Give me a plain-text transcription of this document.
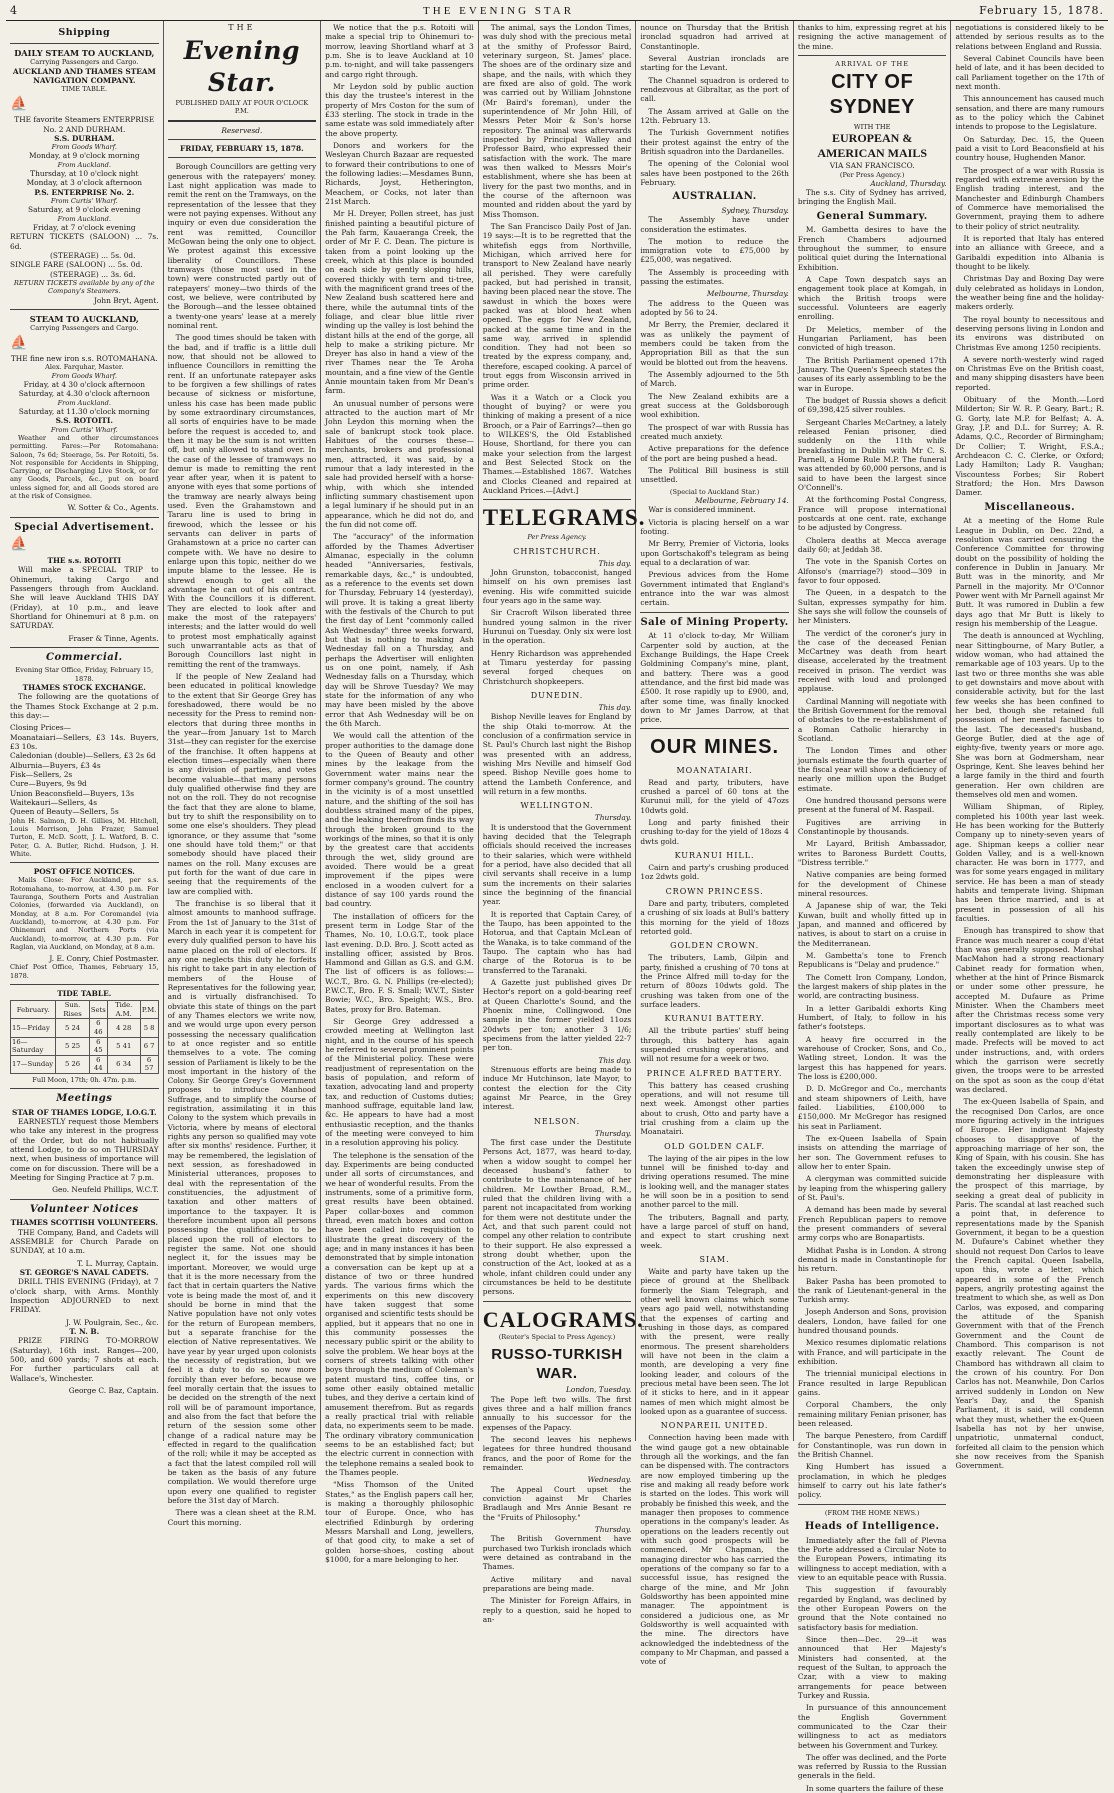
4	THE EVENING STAR	February 15, 1878.
Shipping
DAILY STEAM TO AUCKLAND,
Carrying Passengers and Cargo.
AUCKLAND AND THAMES STEAM NAVIGATION COMPANY.
TIME TABLE.
⛵
THE favorite Steamers ENTERPRISE No. 2 AND DURHAM.
S.S. DURHAM.
From Goods Wharf.
Monday, at 9 o'clock morning
From Auckland.
Thursday, at 10 o'clock night
Monday, at 3 o'clock afternoon
P.S. ENTERPRISE No. 2.
From Curtis' Wharf.
Saturday, at 9 o'clock evening
From Auckland.
Friday, at 7 o'clock evening
RETURN TICKETS (SALOON) ... 7s. 6d.
(STEERAGE) ... 5s. 0d.
SINGLE FARE (SALOON) ... 5s. 0d.
(STEERAGE) ... 3s. 6d.
RETURN TICKETS available by any of the Company's Steamers.
John Bryt, Agent.
STEAM TO AUCKLAND,
Carrying Passengers and Cargo.
⛵
THE fine new iron s.s. ROTOMAHANA.
Alex. Farquhar, Master.
From Goods Wharf.
Friday, at 4 30 o'clock afternoon
Saturday, at 4.30 o'clock afternoon
From Auckland.
Saturday, at 11.30 o'clock morning
S.S. ROTOITI.
From Curtis' Wharf.

Weather and other circumstances permitting. Fares:—Per Rotomahana: Saloon, 7s 6d; Steerage, 5s. Per Rotoiti, 5s. Not responsible for Accidents in Shipping, Carrying, or Discharging Live Stock, or for any Goods, Parcels, &c., put on board unless signed for, and all Goods stored are at the risk of Consignee.

W. Sotter & Co., Agents.
Special Advertisement.
⛵
THE s.s. ROTOITI

Will make a SPECIAL TRIP to Ohinemuri, taking Cargo and Passengers through from Auckland. She will leave Auckland THIS DAY (Friday), at 10 p.m., and leave Shortland for Ohinemuri at 8 p.m. on SATURDAY.

Fraser & Tinne, Agents.
Commercial.
Evening Star Office, Friday, February 15, 1878.
THAMES STOCK EXCHANGE.

The following are the quotations of the Thames Stock Exchange at 2 p.m. this day:—

Closing Prices—
Moanataiari—Sellers, £3 14s. Buyers, £3 10s.
Caledonian (double)—Sellers, £3 2s 6d
Alburnia—Buyers, £3 4s
Fisk—Sellers, 2s
Cure—Buyers, 9s 9d
Union Beaconsfield—Buyers, 13s
Waitekauri—Sellers, 4s
Queen of Beauty—Sellers, 5s

John H. Salmon, D. H. Gillies, M. Hitchell, Louis Morrison, John Frazer, Samuel Turton, E. McD. Scott, J. L. Watford, B. C. Peter, G. A. Butler, Richd. Hudson, J. H. White.

POST OFFICE NOTICES.

Mails Close: For Auckland, per s.s. Rotomahana, to-morrow, at 4.30 p.m. For Tauranga, Southern Ports and Australian Colonies, (forwarded via Auckland), on Monday, at 8 a.m. For Coromandel (via Auckland), to-morrow, at 4.30 p.m. For Ohinemuri and Northern Ports (via Auckland), to-morrow, at 4.30 p.m. For Raglan, via Auckland, on Monday, at 8 a.m.

J. E. Conry, Chief Postmaster.
Chief Post Office, Thames, February 15, 1878.
TIDE TABLE.
February.	Sun. Rises	Sets	Tide. A.M.	P.M.
15—Friday	5 24	6 46	4 28	5 8
16—Saturday	5 25	6 45	5 41	6 7
17—Sunday	5 26	6 44	6 34	6 57
Full Moon, 17th; 0h. 47m. p.m.
Meetings
STAR OF THAMES LODGE, I.O.G.T.

EARNESTLY request those Members who take any interest in the progress of the Order, but do not habitually attend Lodge, to do so on THURSDAY next, when business of importance will come on for discussion. There will be a Meeting for Singing Practice at 7 p.m.

Geo. Neufeld Phillips, W.C.T.
Volunteer Notices
THAMES SCOTTISH VOLUNTEERS.

THE Company, Band, and Cadets will ASSEMBLE for Church Parade on SUNDAY, at 10 a.m.

T. L. Murray, Captain.
ST. GEORGE'S NAVAL CADETS.

DRILL THIS EVENING (Friday), at 7 o'clock sharp, with Arms. Monthly Inspection ADJOURNED to next FRIDAY.

J. W. Poulgrain, Sec., &c.
T. N. B.

PRIZE FIRING TO-MORROW (Saturday), 16th inst. Ranges—200, 500, and 600 yards; 7 shots at each. For further particulars call at Wallace's, Winchester.

George C. Baz, Captain.
THE
Evening Star.
PUBLISHED DAILY AT FOUR O'CLOCK P.M.
Reservesd.
FRIDAY, FEBRUARY 15, 1878.

Borough Councillors are getting very generous with the ratepayers' money. Last night application was made to remit the rent on the Tramways, on the representation of the lessee that they were not paying expenses. Without any inquiry or even due consideration the rent was remitted, Councillor McGowan being the only one to object. We protest against this excessive liberality of Councillors. These tramways (those most used in the town) were constructed partly out of ratepayers' money—two thirds of the cost, we believe, were contributed by the Borough—and the lessee obtained a twenty-one years' lease at a merely nominal rent.

The good times should be taken with the bad, and if traffic is a little dull now, that should not be allowed to influence Councillors in remitting the rent. If an unfortunate ratepayer asks to be forgiven a few shillings of rates because of sickness or misfortune, unless his case has been made public by some extraordinary circumstances, all sorts of enquiries have to be made before the request is acceded to, and then it may be the sum is not written off, but only allowed to stand over. In the case of the lessee of tramways no demur is made to remitting the rent year after year, when it is patent to anyone with eyes that some portions of the tramway are nearly always being used. Even the Grahamstown and Tararu line is used to bring in firewood, which the lessee or his servants can deliver in parts of Grahamstown at a price no carter can compete with. We have no desire to enlarge upon this topic, neither do we impute blame to the lessee. He is shrewd enough to get all the advantage he can out of his contract. With the Councillors it is different. They are elected to look after and make the most of the ratepayers' interests; and the latter would do well to protest most emphatically against such unwarrantable acts as that of Borough Councillors last night in remitting the rent of the tramways.

If the people of New Zealand had been educated in political knowledge to the extent that Sir George Grey has foreshadowed, there would be no necessity for the Press to remind non-electors that during three months in the year—from January 1st to March 31st—they can register for the exercise of the franchise. It often happens at election times—especially when there is any division of parties, and votes become valuable—that many persons duly qualified otherwise find they are not on the roll. They do not recognise the fact that they are alone to blame, but try to shift the responsibility on to some one else's shoulders. They plead ignorance, or they assume that "some one should have told them;" or that somebody should have placed their names on the roll. Many excuses are put forth for the want of due care in seeing that the requirements of the law are complied with.

The franchise is so liberal that it almost amounts to manhood suffrage. From the 1st of January to the 31st of March in each year it is competent for every duly qualified person to have his name placed on the roll of electors. If any one neglects this duty he forfeits his right to take part in any election of members of the House of Representatives for the following year, and is virtually disfranchised. To obviate this state of things on the part of any Thames electors we write now, and we would urge upon every person possessing the necessary qualification to at once register and so entitle themselves to a vote. The coming session of Parliament is likely to be the most important in the history of the Colony. Sir George Grey's Government proposes to introduce Manhood Suffrage, and to simplify the course of registration, assimilating it in this Colony to the system which prevails in Victoria, where by means of electoral rights any person so qualified may vote after six months' residence. Further, it may be remembered, the legislation of next session, as foreshadowed in Ministerial utterances, proposes to deal with the representation of the constituencies, the adjustment of taxation and other matters of importance to the taxpayer. It is therefore incumbent upon all persons possessing the qualification to be placed upon the roll of electors to register the same. Not one should neglect it, for the issues may be important. Moreover, we would urge that it is the more necessary from the fact that in certain quarters the Native vote is being made the most of, and it should be borne in mind that the Native population have not only votes for the return of European members, but a separate franchise for the election of Native representatives. We have year by year urged upon colonists the necessity of registration, but we feel it a duty to do so now more forcibly than ever before, because we feel morally certain that the issues to be decided on the strength of the next roll will be of paramount importance, and also from the fact that before the return of the session some other change of a radical nature may be effected in regard to the qualification of the roll; while it may be accepted as a fact that the latest compiled roll will be taken as the basis of any future compilation. We would therefore urge upon every one qualified to register before the 31st day of March.

There was a clean sheet at the R.M. Court this morning.

We notice that the p.s. Rotoiti will make a special trip to Ohinemuri to-morrow, leaving Shortland wharf at 3 p.m. She is to leave Auckland at 10 p.m. to-night, and will take passengers and cargo right through.

Mr Leydon sold by public auction this day the trustee's interest in the property of Mrs Coston for the sum of £33 sterling. The stock in trade in the same estate was sold immediately after the above property.

Donors and workers for the Wesleyan Church Bazaar are requested to forward their contributions to one of the following ladies:—Mesdames Bunn, Richards, Joyst, Hetherington, Meachem, or Cocks, not later than 21st March.

Mr H. Dreyer, Pollen street, has just finished painting a beautiful picture of the Pah farm, Kauaeranga Creek, the order of Mr F. C. Dean. The picture is taken from a point looking up the creek, which at this place is bounded on each side by gently sloping hills, covered thickly with tern and ti-tree, with the magnificent grand trees of the New Zealand bush scattered here and there, while the autumnal tints of the foliage, and clear blue little river winding up the valley is lost behind the distant hills at the end of the gorge, all help to make a striking picture. Mr Dreyer has also in hand a view of the river Thames near the Te Aroha mountain, and a fine view of the Gentle Annie mountain taken from Mr Dean's farm.

An unusual number of persons were attracted to the auction mart of Mr John Leydon this morning when the sale of bankrupt stock took place. Habitues of the courses these—merchants, brokers and professional men, attracted, it was said, by a rumour that a lady interested in the sale had provided herself with a horse-whip, with which she intended inflicting summary chastisement upon a legal luminary if he should put in an appearance, which he did not do, and the fun did not come off.

The "accuracy" of the information afforded by the Thames Advertiser Almanac, especially in the column headed "Anniversaries, festivals, remarkable days, &c.," is undoubted, as a reference to the events set down for Thursday, February 14 (yesterday), will prove. It is taking a great liberty with the festivals of the Church to put the first day of Lent "commonly called Ash Wednesday" three weeks forward, but that is nothing to making Ash Wednesday fall on a Thursday, and perhaps the Advertiser will enlighten us on one point, namely, if Ash Wednesday falls on a Thursday, which day will be Shrove Tuesday? We may state for the information of any who may have been misled by the above error that Ash Wednesday will be on the 6th March.

We would call the attention of the proper authorities to the damage done to the Queen of Beauty and other mines by the leakage from the Government water mains near the former company's ground. The country in the vicinity is of a most unsettled nature, and the shifting of the soil has doubtless strained many of the pipes, and the leaking therefrom finds its way through the broken ground to the workings of the mines, so that it is only by the greatest care that accidents through the wet, slidy ground are avoided. There would be a great improvement if the pipes were enclosed in a wooden culvert for a distance of say 100 yards round the bad country.

The installation of officers for the present term in Lodge Star of the Thames, No. 10, I.O.G.T., took place last evening. D.D. Bro. J. Scott acted as installing officer, assisted by Bros. Hammond and Gillan as G.S. and G.M. The list of officers is as follows:—W.C.T., Bro. G. N. Phillips (re-elected); P.W.C.T., Bro. F. S. Small; W.V.T., Sister Bowie; W.C., Bro. Speight; W.S., Bro. Bates, proxy for Bro. Bateman.

Sir George Grey addressed a crowded meeting at Wellington last night, and in the course of his speech he referred to several prominent points of the Ministerial policy. These were readjustment of representation on the basis of population, and reform of taxation, advocating land and property tax, and reduction of Customs duties; manhood suffrage, equitable land law, &c. He appears to have had a most enthusiastic reception, and the thanks of the meeting were conveyed to him in a resolution approving his policy.

The telephone is the sensation of the day. Experiments are being conducted under all sorts of circumstances, and we hear of wonderful results. From the instruments, some of a primitive form, great results have been obtained. Paper collar-boxes and common thread, even match boxes and cotton have been called into requisition to illustrate the great discovery of the age; and in many instances it has been demonstrated that by simple intonation a conversation can be kept up at a distance of two or three hundred yards. The various firms which the experiments on this new discovery have taken suggest that some organised and scientific tests should be applied, but it appears that no one in this community possesses the necessary public spirit or the ability to solve the problem. We hear boys at the corners of streets talking with other boys through the medium of Coleman's patent mustard tins, coffee tins, or some other easily obtained metallic tubes, and they derive a certain kind of amusement therefrom. But as regards a really practical trial with reliable data, no experiments seem to be made. The ordinary vibratory communication seems to be an established fact; but the electric current in connection with the telephone remains a sealed book to the Thames people.

"Miss Thomson of the United States," as the English papers call her, is making a thoroughly philosophic tour of Europe. Once, who has electrified Edinburgh by ordering Messrs Marshall and Long, jewellers, of that good city, to make a set of golden horse-shoes, costing about $1000, for a mare belonging to her.

The animal, says the London Times, was duly shod with the precious metal at the smithy of Professor Baird, veterinary surgeon, St. James' place. The shoes are of the ordinary size and shape, and the nails, with which they are fixed are also of gold. The work was carried out by William Johnstone (Mr Baird's foreman), under the superintendence of Mr John Hill, of Messrs Peter Moir & Son's horse repository. The animal was afterwards inspected by Principal Walley and Professor Baird, who expressed their satisfaction with the work. The mare was then walked to Messrs Moir's establishment, where she has been at livery for the past two months, and in the course of the afternoon was mounted and ridden about the yard by Miss Thomson.

The San Francisco Daily Post of Jan. 19 says:—It is to be regretted that the whitefish eggs from Northville, Michigan, which arrived here for transport to New Zealand have nearly all perished. They were carefully packed, but had perished in transit, having been placed near the stove. The sawdust in which the boxes were packed was at blood heat when opened. The eggs for New Zealand, packed at the same time and in the same way, arrived in splendid condition. They had not been so treated by the express company, and, therefore, escaped cooking. A parcel of trout eggs from Wisconsin arrived in prime order.

Was it a Watch or a Clock you thought of buying? or were you thinking of making a present of a nice Brooch, or a Pair of Earrings?—then go to WILKES'S, the Old Established House, Shortland, for there you can make your selection from the largest and Best Selected Stock on the Thames.—Established 1867. Watches and Clocks Cleaned and repaired at Auckland Prices.—[Advt.]

TELEGRAMS.
Per Press Agency.
CHRISTCHURCH.
This day.

John Grunston, tobacconist, hanged himself on his own premises last evening. His wife committed suicide four years ago in the same way.

Sir Cracroft Wilson liberated three hundred young salmon in the river Hurunui on Tuesday. Only six were lost in the operation.

Henry Richardson was apprehended at Timaru yesterday for passing several forged cheques on Christchurch shopkeepers.

DUNEDIN.
This day.

Bishop Neville leaves for England by the ship Otaki to-morrow. At the conclusion of a confirmation service in St. Paul's Church last night the Bishop was presented with an address, wishing Mrs Neville and himself God speed. Bishop Neville goes home to attend the Lambeth Conference, and will return in a few months.

WELLINGTON.
Thursday.

It is understood that the Government having decided that the Telegraph officials should received the increases to their salaries, which were withheld for a period, have also decided that all civil servants shall receive in a lump sum the increments on their salaries since the beginning of the financial year.

It is reported that Captain Carey, of the Taupo, has been appointed to the Hotorua, and that Captain McLean of the Wanaka, is to take command of the Taupo. The captain who has had charge of the Rotorua is to be transferred to the Taranaki.

A Gazette just published gives Dr Hector's report on a gold-bearing reef at Queen Charlotte's Sound, and the Phoenix mine, Collingwood. One sample in the former yielded 11ozs 20dwts per ton; another 3 1/6; specimens from the latter yielded 22-7 per ton.

This day.

Strenuous efforts are being made to induce Mr Hutchinson, late Mayor, to contest the election for the City against Mr Pearce, in the Grey interest.

NELSON.
Thursday.

The first case under the Destitute Persons Act, 1877, was heard to-day, when a widow sought to compel her deceased husband's father to contribute to the maintenance of her children. Mr Lowther Broad, R.M., ruled that the children living with a parent not incapacitated from working for them were not destitute under the Act, and that such parent could not compel any other relation to contribute to their support. He also expressed a strong doubt whether, upon the construction of the Act, looked at as a whole, infant children could under any circumstances be held to be destitute persons.

CALOGRAMS.
(Reuter's Special to Press Agency.)
RUSSO-TURKISH WAR.
London, Tuesday.

The Pope left two wills. The first gives three and a half million francs annually to his successor for the expenses of the Papacy.

The second leaves his nephews legatees for three hundred thousand francs, and the poor of Rome for the remainder.

Wednesday.

The Appeal Court upset the conviction against Mr Charles Bradlaugh and Mrs Annie Besant re the "Fruits of Philosophy."

Thursday.

The British Government have purchased two Turkish ironclads which were detained as contraband in the Thames.

Active military and naval preparations are being made.

The Minister for Foreign Affairs, in reply to a question, said he hoped to an-

nounce on Thursday that the British ironclad squadron had arrived at Constantinople.

Several Austrian ironclads are starting for the Levant.

The Channel squadron is ordered to rendezvous at Gibraltar, as the port of call.

The Assam arrived at Galle on the 12th. February 13.

The Turkish Government notifies their protest against the entry of the British squadron into the Dardanelles.

The opening of the Colonial wool sales have been postponed to the 26th February.

AUSTRALIAN.
Sydney, Thursday.

The Assembly have under consideration the estimates.

The motion to reduce the immigration vote to £75,000 by £25,000, was negatived.

The Assembly is proceeding with passing the estimates.

Melbourne, Thursday.

The address to the Queen was adopted by 56 to 24.

Mr Berry, the Premier, declared it was as unlikely the payment of members could be taken from the Appropriation Bill as that the sun would be blotted out from the heavens.

The Assembly adjourned to the 5th of March.

The New Zealand exhibits are a great success at the Goldsborough wool exhibition.

The prospect of war with Russia has created much anxiety.

Active preparations for the defence of the port are being pushed a head.

The Political Bill business is still unsettled.

(Special to Auckland Star.)
Melbourne, February 14.

War is considered imminent.

Victoria is placing herself on a war footing.

Mr Berry, Premier of Victoria, looks upon Gortschakoff's telegram as being equal to a declaration of war.

Previous advices from the Home Government intimated that England's entrance into the war was almost certain.

Sale of Mining Property.

At 11 o'clock to-day, Mr William Carpenter sold by auction, at the Exchange Buildings, the Hape Creek Goldmining Company's mine, plant, and battery. There was a good attendance, and the first bid made was £500. It rose rapidly up to £900, and, after some time, was finally knocked down to Mr James Darrow, at that price.

OUR MINES.
MOANATAIARI.

Read and party, tributers, have crushed a parcel of 60 tons at the Kurunui mill, for the yield of 47ozs 10dwts gold.

Long and party finished their crushing to-day for the yield of 18ozs 4 dwts gold.

KURANUI HILL.

Cairn and party's crushing produced 1oz 2dwts gold.

CROWN PRINCESS.

Dare and party, tributers, completed a crushing of six loads at Bull's battery this morning for the yield of 18ozs retorted gold.

GOLDEN CROWN.

The tributers, Lamb, Gilpin and party, finished a crushing of 70 tons at the Prince Alfred mill to-day for the return of 80ozs 10dwts gold. The crushing was taken from one of the surface leaders.

KURANUI BATTERY.

All the tribute parties' stuff being through, this battery has again suspended crushing operations, and will not resume for a week or two.

PRINCE ALFRED BATTERY.

This battery has ceased crushing operations, and will not resume till next week. Amongst other parties about to crush, Otto and party have a trial crushing from a claim up the Moanatairi.

OLD GOLDEN CALF.

The laying of the air pipes in the low tunnel will be finished to-day and driving operations resumed. The mine is looking well, and the manager states he will soon be in a position to send another parcel to the mill.

The tributers, Bagnall and party, have a large parcel of stuff on hand, and expect to start crushing next week.

SIAM.

Waite and party have taken up the piece of ground at the Shellback formerly the Siam Telegraph, and other well known claims which some years ago paid well, notwithstanding that the expenses of carting and crushing in those days, as compared with the present, were really enormous. The present shareholders will have not been in the claim a month, are developing a very fine looking leader, and colours of the precious metal have been seen. The lot of it sticks to here, and in it appear names of men which might almost be looked upon as a guarantee of success.

NONPAREIL UNITED.

Connection having been made with the wind gauge got a new obtainable through all the workings, and the fan can be dispensed with. The contractors are now employed timbering up the rise and making all ready before work is started on the lodes. This work will probably be finished this week, and the manager then proposes to commence operations in the company's leader. As operations on the leaders recently out with such good prospects will be commenced. Mr Chapman, the managing director who has carried the operations of the company so far to a successful issue, has resigned the charge of the mine, and Mr John Goldsworthy has been appointed mine manager. The appointment is considered a judicious one, as Mr Goldsworthy is well acquainted with the mine. The directors have acknowledged the indebtedness of the company to Mr Chapman, and passed a vote of

thanks to him, expressing regret at his resigning the active management of the mine.

ARRIVAL OF THE
CITY OF SYDNEY
WITH THE
EUROPEAN & AMERICAN MAILS
VIA SAN FRANCISCO.
(Per Press Agency.)
Auckland, Thursday.

The s.s. City of Sydney has arrived, bringing the English Mail.

General Summary.

M. Gambetta desires to have the French Chambers adjourned throughout the summer, to ensure political quiet during the International Exhibition.

A Cape Town despatch says an engagement took place at Komgah, in which the British troops were successful. Volunteers are eagerly enrolling.

Dr Meletics, member of the Hungarian Parliament, has been convicted of high treason.

The British Parliament opened 17th January. The Queen's Speech states the causes of its early assembling to be the war in Europe.

The budget of Russia shows a deficit of 69,398,425 silver roubles.

Sergeant Charles McCartney, a lately released Fenian prisoner, died suddenly on the 11th while breakfasting in Dublin with Mr C. S. Parnell, a Home Rule M.P. The funeral was attended by 60,000 persons, and is said to have been the largest since O'Connell's.

At the forthcoming Postal Congress, France will propose international postcards at one cent. rate, exchange to be adjusted by Congress.

Cholera deaths at Mecca average daily 60; at Jeddah 38.

The vote in the Spanish Cortes on Alfonso's (marriage?) stood—309 in favor to four opposed.

The Queen, in a despatch to the Sultan, expresses sympathy for him. She says she will follow the counsels of her Ministers.

The verdict of the coroner's jury in the case of the deceased Fenian McCartney was death from heart disease, accelerated by the treatment received in prison. The verdict was received with loud and prolonged applause.

Cardinal Manning will negotiate with the British Government for the removal of obstacles to the re-establishment of a Roman Catholic hierarchy in Scotland.

The London Times and other journals estimate the fourth quarter of the fiscal year will show a deficiency of nearly one million upon the Budget estimate.

One hundred thousand persons were present at the funeral of M. Raspail.

Fugitives are arriving in Constantinople by thousands.

Mr Layard, British Ambassador, writes to Baroness Burdett Coutts, "Distress terrible."

Native companies are being formed for the development of Chinese mineral resources.

A Japanese ship of war, the Teki Kuwan, built and wholly fitted up in Japan, and manned and officered by natives, is about to start on a cruise in the Mediterranean.

M. Gambetta's tone to French Republicans is "Delay and prudence."

The Comett Iron Company, London, the largest makers of ship plates in the world, are contracting business.

In a letter Garibaldi exhorts King Humbert, of Italy, to follow in his father's footsteps.

A heavy fire occurred in the warehouse of Crocker, Sons, and Co., Watling street, London. It was the largest this has happened for years. The loss is £200,000.

D. D. McGregor and Co., merchants and steam shipowners of Leith, have failed. Liabilities, £100,000 to £150,000. Mr McGregor has resigned his seat in Parliament.

The ex-Queen Isabella of Spain insists on attending the marriage of her son. The Government refuses to allow her to enter Spain.

A clergyman was committed suicide by leaping from the whispering gallery of St. Paul's.

A demand has been made by several French Republican papers to remove the present commanders of several army corps who are Bonapartists.

Midhat Pasha is in London. A strong demand is made in Constantinople for his return.

Baker Pasha has been promoted to the rank of Lieutenant-general in the Turkish army.

Joseph Anderson and Sons, provision dealers, London, have failed for one hundred thousand pounds.

Mexico resumes diplomatic relations with France, and will participate in the exhibition.

The triennial municipal elections in France resulted in large Republican gains.

Corporal Chambers, the only remaining military Fenian prisoner, has been released.

The barque Penestero, from Cardiff for Constantinople, was run down in the British Channel.

King Humbert has issued a proclamation, in which he pledges himself to carry out his late father's policy.

(FROM THE HOME NEWS.)
Heads of Intelligence.

Immediately after the fall of Plevna the Porte addressed a Circular Note to the European Powers, intimating its willingness to accept mediation, with a view to an equitable peace with Russia.

This suggestion if favourably regarded by England, was declined by the other European Powers on the ground that the Note contained no satisfactory basis for mediation.

Since then—Dec. 29—it was announced that Her Majesty's Ministers had consented, at the request of the Sultan, to approach the Czar, with a view to making arrangements for peace between Turkey and Russia.

In pursuance of this announcement the English Government communicated to the Czar their willingness to act as mediators between his Government and Turkey.

The offer was declined, and the Porte was referred by Russia to the Russian generals in the field.

In some quarters the failure of these

negotiations is considered likely to be attended by serious results as to the relations between England and Russia.

Several Cabinet Councils have been held of late, and it has been decided to call Parliament together on the 17th of next month.

This announcement has caused much sensation, and there are many rumours as to the policy which the Cabinet intends to propose to the Legislature.

On Saturday, Dec. 15, the Queen paid a visit to Lord Beaconsfield at his country house, Hughenden Manor.

The prospect of a war with Russia is regarded with extreme aversion by the English trading interest, and the Manchester and Edinburgh Chambers of Commerce have memorialised the Government, praying them to adhere to their policy of strict neutrality.

It is reported that Italy has entered into an alliance with Greece, and a Garibaldi expedition into Albania is thought to be likely.

Christmas Day and Boxing Day were duly celebrated as holidays in London, the weather being fine and the holiday-makers orderly.

The royal bounty to necessitous and deserving persons living in London and its environs was distributed on Christmas Eve among 1250 recipients.

A severe north-westerly wind raged on Christmas Eve on the British coast, and many shipping disasters have been reported.

Obituary of the Month.—Lord Milderton; Sir W. R. P. Geary, Bart.; R. G. Gorty, late M.P. for Belfast; A. A. Gray, J.P. and D.L. for Surrey; A. R. Adams, Q.C., Recorder of Birmingham; Dr Collier; T. Wright, F.S.A.; Archdeacon C. C. Clerke, or Oxford; Lady Hamilton; Lady R. Vaughan; Viscountess Forbes; Sir Robert Stratford; the Hon. Mrs Dawson Damer.

Miscellaneous.

At a meeting of the Home Rule League in Dublin, on Dec. 22nd, a resolution was carried censuring the Conference Committee for throwing doubt on the possibility of holding the conference in Dublin in January. Mr Butt was in the minority, and Mr Parnell in the majority. Mr O'Connor Power went with Mr Parnell against Mr Butt. It was rumored in Dublin a few days ago that Mr Butt is likely to resign his membership of the League.

The death is announced at Wychling, near Sittingbourne, of Mary Butler, a widow woman, who had attained the remarkable age of 103 years. Up to the last two or three months she was able to get downstairs and move about with considerable activity, but for the last few weeks she has been confined to her bed, though she retained full possession of her mental faculties to the last. The deceased's husband, George Butler, died at the age of eighty-five, twenty years or more ago. She was born at Godmersham, near Ospringe, Kent. She leaves behind her a large family in the third and fourth generation. Her own children are themselves old men and women.

William Shipman, of Ripley, completed his 100th year last week. He has been working for the Butterly Company up to ninety-seven years of age. Shipman keeps a collier near Golden Valley, and is a well-known character. He was born in 1777, and was for some years engaged in military service. He has been a man of steady habits and temperate living. Shipman has been thrice married, and is at present in possession of all his faculties.

Enough has transpired to show that France was much nearer a coup d'état than was generally supposed. Marshal MacMahon had a strong reactionary Cabinet ready for formation when, whether at the hint of Prince Bismarck or under some other pressure, he accepted M. Dufaure as Prime Minister. When the Chambers meet after the Christmas recess some very important disclosures as to what was really contemplated are likely to be made. Prefects will be moved to act under instructions, and, with orders which the garrison were secretly given, the troops were to be arrested on the spot as soon as the coup d'état was declared.

The ex-Queen Isabella of Spain, and the recognised Don Carlos, are once more figuring actively in the intrigues of Europe. Her indignant Majesty chooses to disapprove of the approaching marriage of her son, the King of Spain, with his cousin. She has taken the exceedingly unwise step of demonstrating her displeasure with the prospect of this marriage, by seeking a great deal of publicity in Paris. The scandal at last reached such a point that, in deference to representations made by the Spanish Government, it began to be a question M. Dufaure's Cabinet whether they should not request Don Carlos to leave the French capital. Queen Isabella, upon this, wrote a letter, which appeared in some of the French papers, angrily protesting against the treatment to which she, as well as Don Carlos, was exposed, and comparing the attitude of the Spanish Government with that of the French Government and the Count de Chambord. This comparison is not exactly relevant. The Count de Chambord has withdrawn all claim to the crown of his country. For Don Carlos has not. Meanwhile, Don Carlos arrived suddenly in London on New Year's Day, and the Spanish Parliament, it is said, will condemn what they must, whether the ex-Queen Isabella has not by her unwise, unpatriotic, unmaternal conduct, forfeited all claim to the pension which she now receives from the Spanish Government.
